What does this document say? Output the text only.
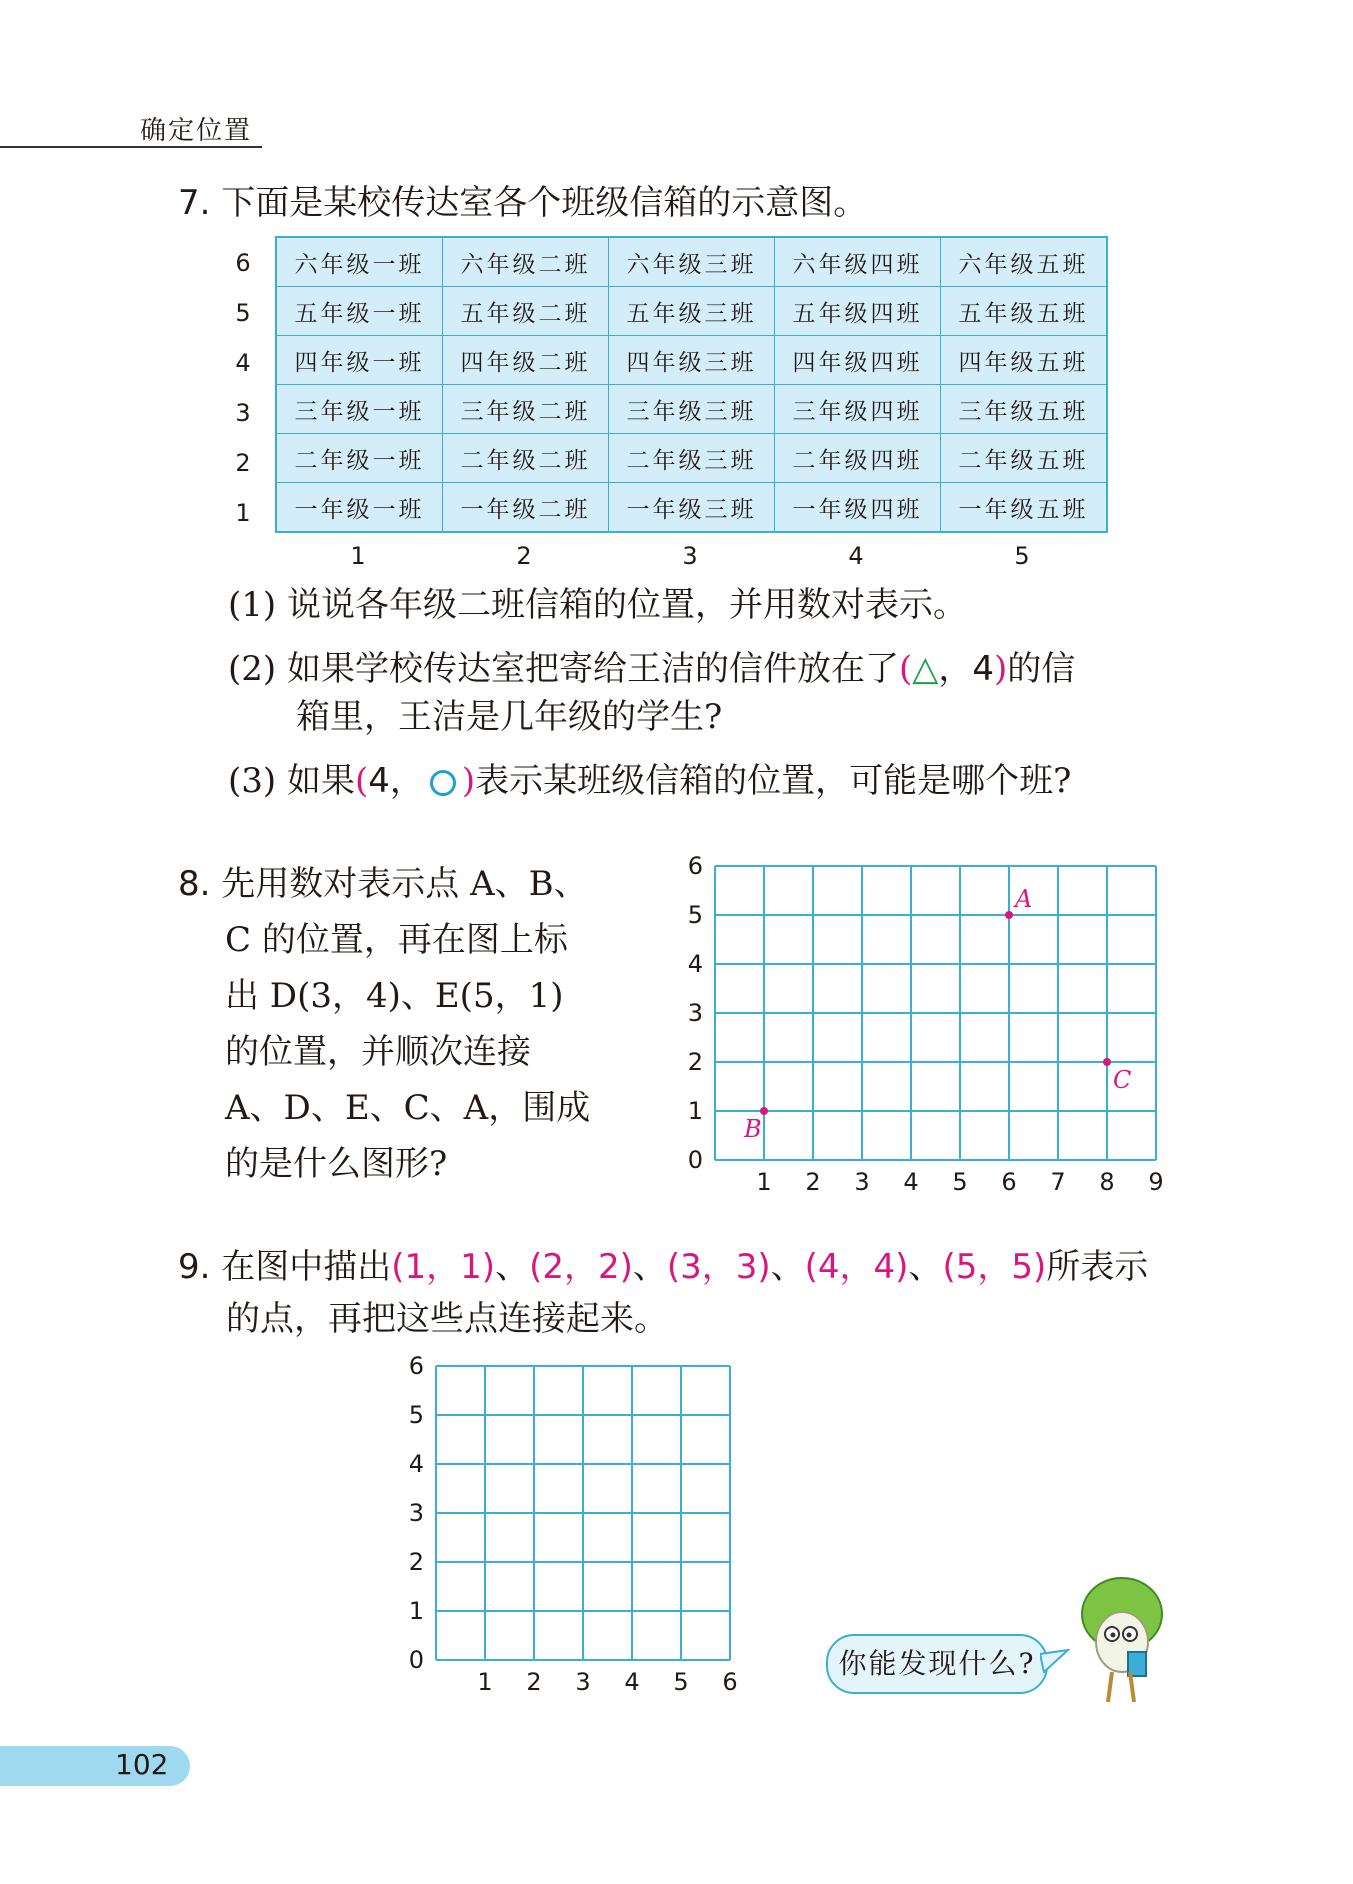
确定位置
7. 下面是某校传达室各个班级信箱的示意图。
6
5
4
3
2
1
六年级一班	六年级二班	六年级三班	六年级四班	六年级五班
五年级一班	五年级二班	五年级三班	五年级四班	五年级五班
四年级一班	四年级二班	四年级三班	四年级四班	四年级五班
三年级一班	三年级二班	三年级三班	三年级四班	三年级五班
二年级一班	二年级二班	二年级三班	二年级四班	二年级五班
一年级一班	一年级二班	一年级三班	一年级四班	一年级五班
1	2	3	4	5
(1) 说说各年级二班信箱的位置，并用数对表示。
(2) 如果学校传达室把寄给王洁的信件放在了(△，4)的信
箱里，王洁是几年级的学生?
(3) 如果(4， )表示某班级信箱的位置，可能是哪个班?
8. 先用数对表示点 A、B、
C 的位置，再在图上标
出 D(3，4)、E(5，1)
的位置，并顺次连接
A、D、E、C、A，围成
的是什么图形?
A
B
C
1 2 3 4 5 6 7 8 9
0
1
2
3
4
5
6
9. 在图中描出(1，1)、(2，2)、(3，3)、(4，4)、(5，5)所表示
的点，再把这些点连接起来。
1 2 3 4 5 6
0
1
2
3
4
5
6
你能发现什么?
102
